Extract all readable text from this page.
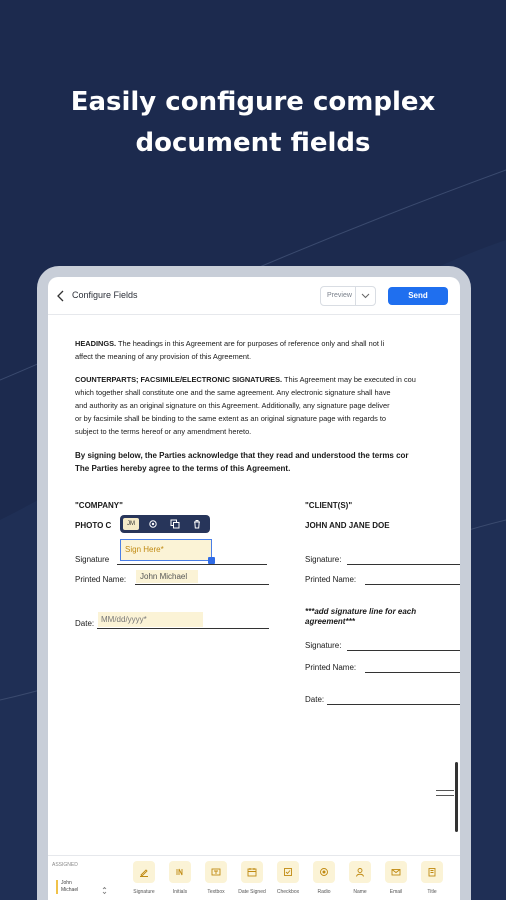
Easily configure complex
document fields
Configure Fields	Preview	Send
HEADINGS. The headings in this Agreement are for purposes of reference only and shall not li
affect the meaning of any provision of this Agreement.
COUNTERPARTS; FACSIMILE/ELECTRONIC SIGNATURES. This Agreement may be executed in cou
which together shall constitute one and the same agreement. Any electronic signature shall have
and authority as an original signature on this Agreement. Additionally, any signature page deliver
or by facsimile shall be binding to the same extent as an original signature page with regards to
subject to the terms hereof or any amendment hereto.
By signing below, the Parties acknowledge that they read and understood the terms cor
The Parties hereby agree to the terms of this Agreement.
"COMPANY"
PHOTO C
Signature
Printed Name:
Date:
"CLIENT(S)"
JOHN AND JANE DOE
Signature:
Printed Name:
***add signature line for each
agreement***
Signature:
Printed Name:
Date:
JM
Sign Here*
John Michael
MM/dd/yyyy*
ASSIGNED
John
Michael	Signature	Initials	Textbox	Date Signed	Checkbox	Radio	Name	Email	Title
